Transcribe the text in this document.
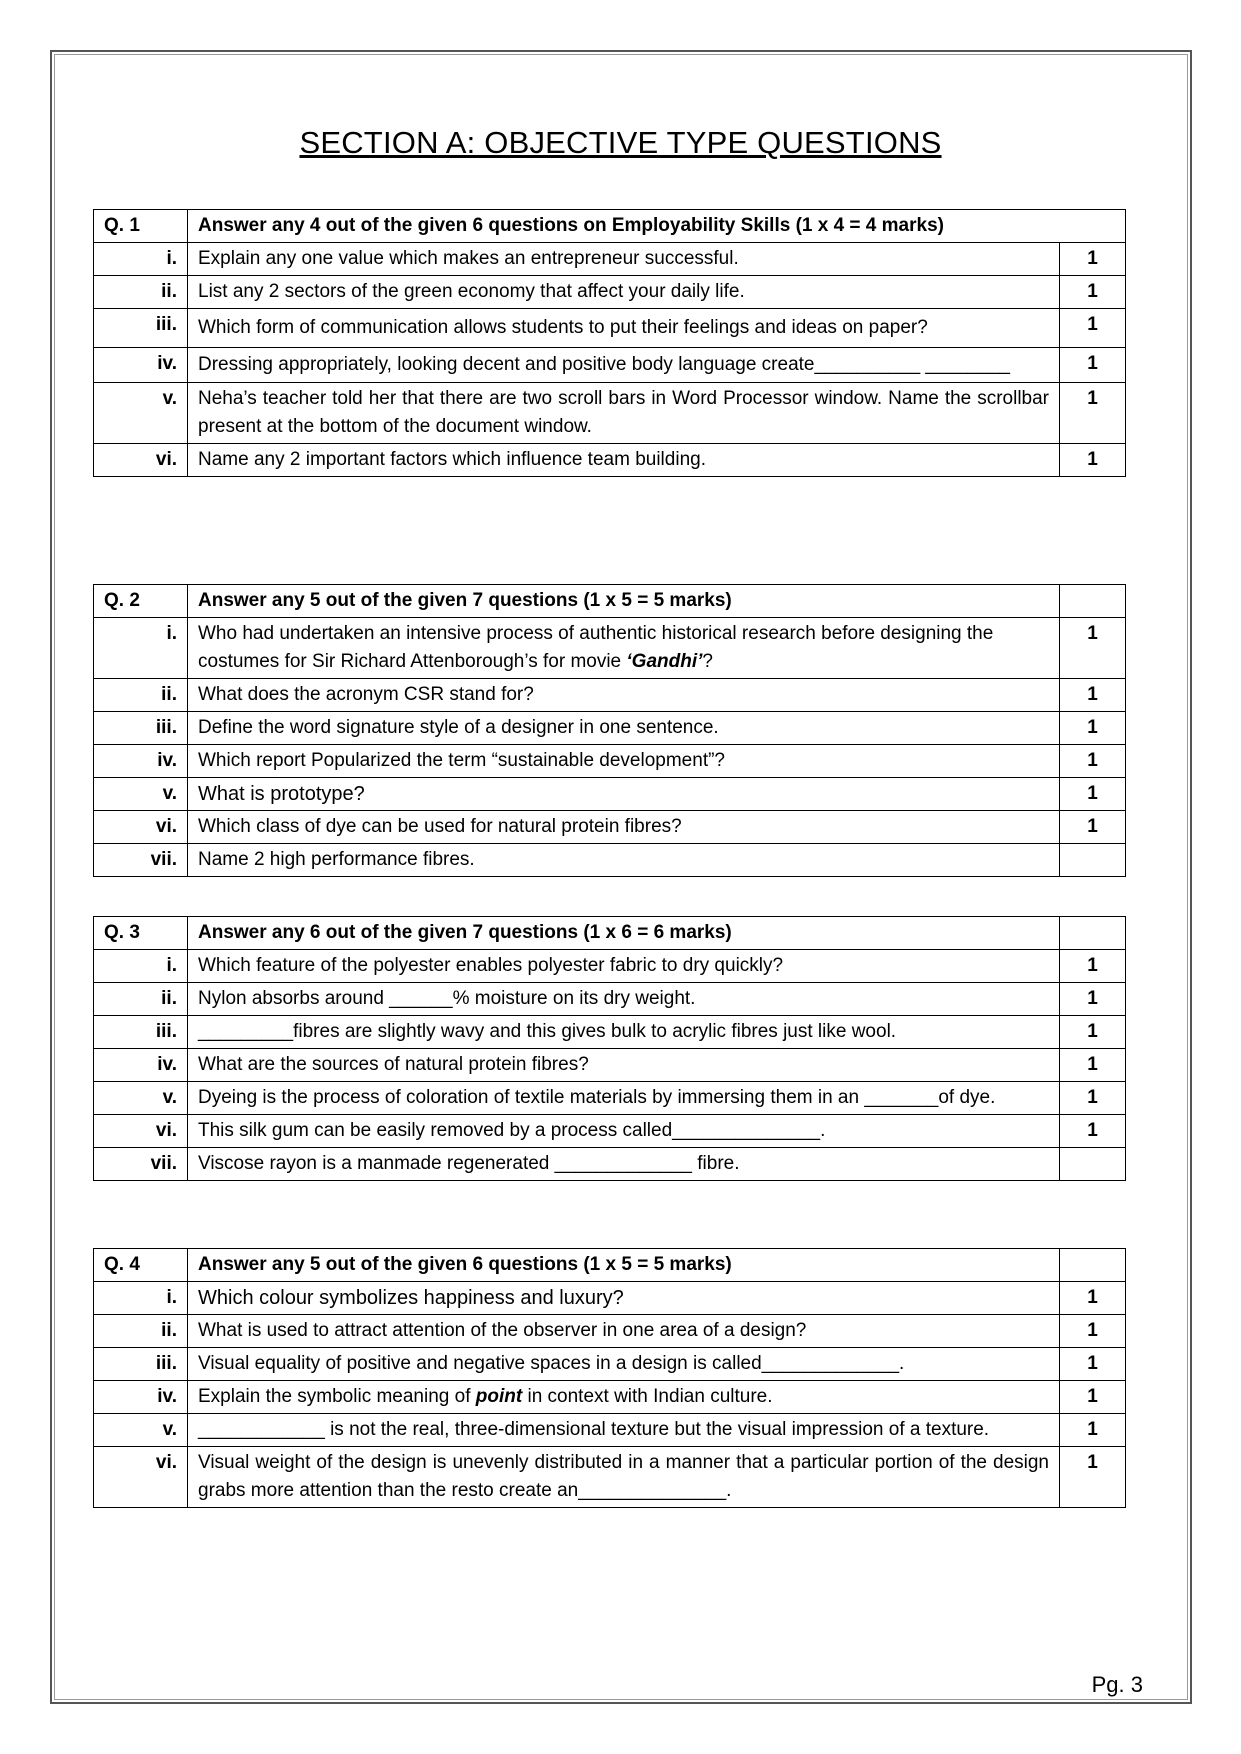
SECTION A: OBJECTIVE TYPE QUESTIONS
Q. 1	Answer any 4 out of the given 6 questions on Employability Skills (1 x 4 = 4 marks)	
i.	Explain any one value which makes an entrepreneur successful.	1
ii.	List any 2 sectors of the green economy that affect your daily life.	1
iii.	Which form of communication allows students to put their feelings and ideas on paper?	1
iv.	Dressing appropriately, looking decent and positive body language create__________ ________	1
v.	Neha’s teacher told her that there are two scroll bars in Word Processor window. Name the scrollbar present at the bottom of the document window.	1
vi.	Name any 2 important factors which influence team building.	1
Q. 2	Answer any 5 out of the given 7 questions (1 x 5 = 5 marks)	
i.	Who had undertaken an intensive process of authentic historical research before designing the costumes for Sir Richard Attenborough’s for movie ‘Gandhi’?	1
ii.	What does the acronym CSR stand for?	1
iii.	Define the word signature style of a designer in one sentence.	1
iv.	Which report Popularized the term “sustainable development”?	1
v.	What is prototype?	1
vi.	Which class of dye can be used for natural protein fibres?	1
vii.	Name 2 high performance fibres.	
Q. 3	Answer any 6 out of the given 7 questions (1 x 6 = 6 marks)	
i.	Which feature of the polyester enables polyester fabric to dry quickly?	1
ii.	Nylon absorbs around ______% moisture on its dry weight.	1
iii.	_________fibres are slightly wavy and this gives bulk to acrylic fibres just like wool.	1
iv.	What are the sources of natural protein fibres?	1
v.	Dyeing is the process of coloration of textile materials by immersing them in an _______of dye.	1
vi.	This silk gum can be easily removed by a process called______________.	1
vii.	Viscose rayon is a manmade regenerated _____________ fibre.	
Q. 4	Answer any 5 out of the given 6 questions (1 x 5 = 5 marks)	
i.	Which colour symbolizes happiness and luxury?	1
ii.	What is used to attract attention of the observer in one area of a design?	1
iii.	Visual equality of positive and negative spaces in a design is called_____________.	1
iv.	Explain the symbolic meaning of point in context with Indian culture.	1
v.	____________ is not the real, three-dimensional texture but the visual impression of a texture.	1
vi.	Visual weight of the design is unevenly distributed in a manner that a particular portion of the design grabs more attention than the resto create an______________.	1
Pg. 3
